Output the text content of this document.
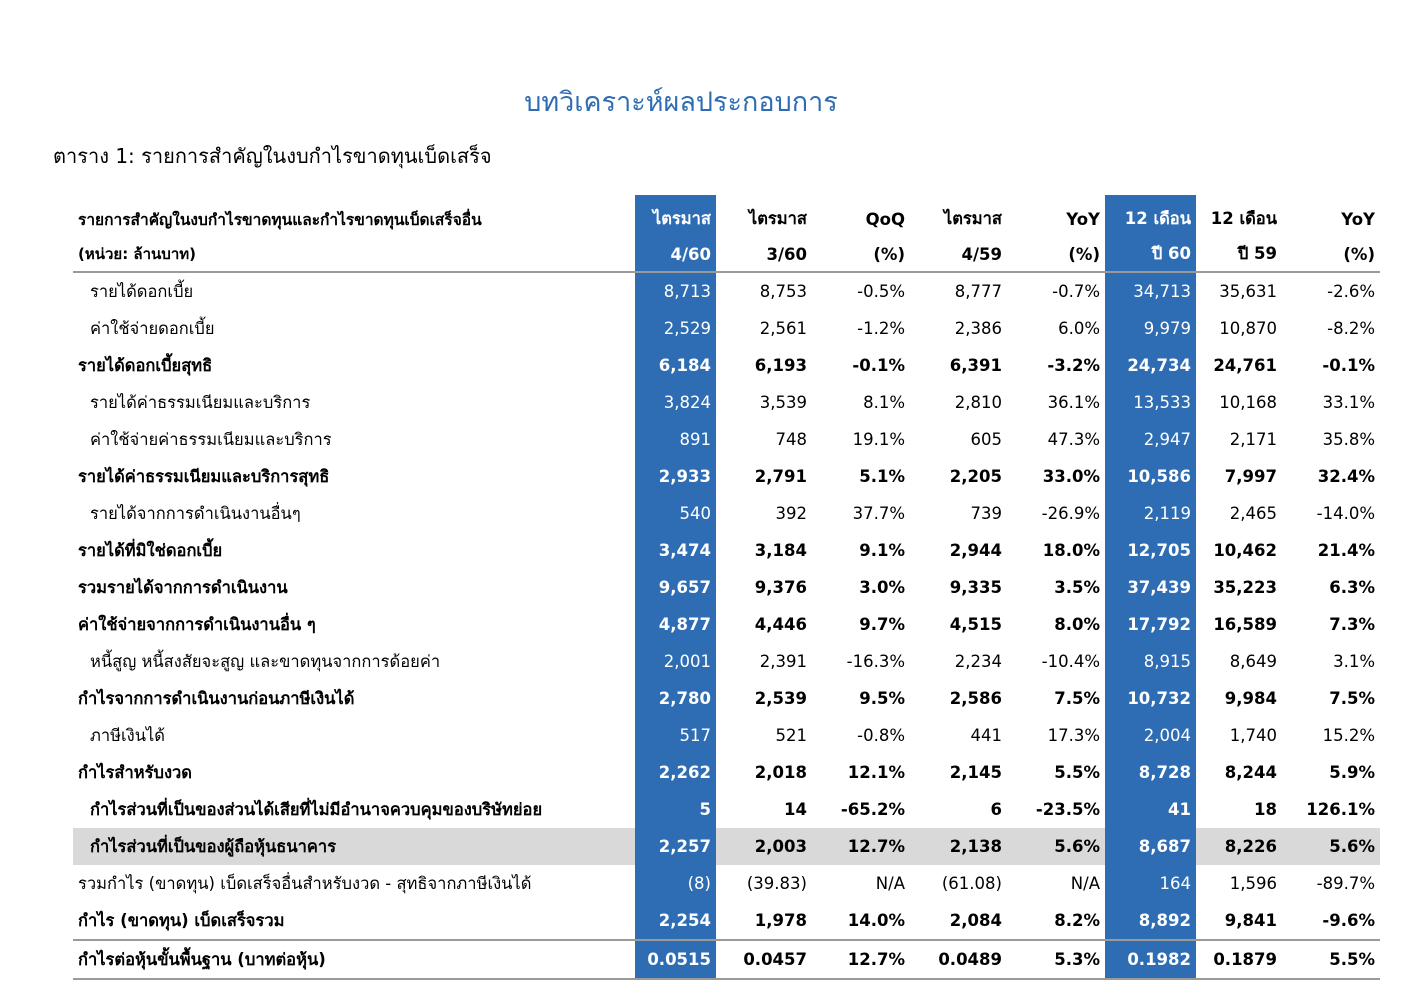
บทวิเคราะห์ผลประกอบการ
ตาราง 1: รายการสำคัญในงบกำไรขาดทุนเบ็ดเสร็จ
รายการสำคัญในงบกำไรขาดทุนและกำไรขาดทุนเบ็ดเสร็จอื่น	ไตรมาส	ไตรมาส	QoQ	ไตรมาส	YoY	12 เดือน	12 เดือน	YoY
(หน่วย: ล้านบาท)	4/60	3/60	(%)	4/59	(%)	ปี 60	ปี 59	(%)
รายได้ดอกเบี้ย	8,713	8,753	-0.5%	8,777	-0.7%	34,713	35,631	-2.6%
ค่าใช้จ่ายดอกเบี้ย	2,529	2,561	-1.2%	2,386	6.0%	9,979	10,870	-8.2%
รายได้ดอกเบี้ยสุทธิ	6,184	6,193	-0.1%	6,391	-3.2%	24,734	24,761	-0.1%
รายได้ค่าธรรมเนียมและบริการ	3,824	3,539	8.1%	2,810	36.1%	13,533	10,168	33.1%
ค่าใช้จ่ายค่าธรรมเนียมและบริการ	891	748	19.1%	605	47.3%	2,947	2,171	35.8%
รายได้ค่าธรรมเนียมและบริการสุทธิ	2,933	2,791	5.1%	2,205	33.0%	10,586	7,997	32.4%
รายได้จากการดำเนินงานอื่นๆ	540	392	37.7%	739	-26.9%	2,119	2,465	-14.0%
รายได้ที่มิใช่ดอกเบี้ย	3,474	3,184	9.1%	2,944	18.0%	12,705	10,462	21.4%
รวมรายได้จากการดำเนินงาน	9,657	9,376	3.0%	9,335	3.5%	37,439	35,223	6.3%
ค่าใช้จ่ายจากการดำเนินงานอื่น ๆ	4,877	4,446	9.7%	4,515	8.0%	17,792	16,589	7.3%
หนี้สูญ หนี้สงสัยจะสูญ และขาดทุนจากการด้อยค่า	2,001	2,391	-16.3%	2,234	-10.4%	8,915	8,649	3.1%
กำไรจากการดำเนินงานก่อนภาษีเงินได้	2,780	2,539	9.5%	2,586	7.5%	10,732	9,984	7.5%
ภาษีเงินได้	517	521	-0.8%	441	17.3%	2,004	1,740	15.2%
กำไรสำหรับงวด	2,262	2,018	12.1%	2,145	5.5%	8,728	8,244	5.9%
กำไรส่วนที่เป็นของส่วนได้เสียที่ไม่มีอำนาจควบคุมของบริษัทย่อย	5	14	-65.2%	6	-23.5%	41	18	126.1%
กำไรส่วนที่เป็นของผู้ถือหุ้นธนาคาร	2,257	2,003	12.7%	2,138	5.6%	8,687	8,226	5.6%
รวมกำไร (ขาดทุน) เบ็ดเสร็จอื่นสำหรับงวด - สุทธิจากภาษีเงินได้	(8)	(39.83)	N/A	(61.08)	N/A	164	1,596	-89.7%
กำไร (ขาดทุน) เบ็ดเสร็จรวม	2,254	1,978	14.0%	2,084	8.2%	8,892	9,841	-9.6%
กำไรต่อหุ้นขั้นพื้นฐาน (บาทต่อหุ้น)	0.0515	0.0457	12.7%	0.0489	5.3%	0.1982	0.1879	5.5%
